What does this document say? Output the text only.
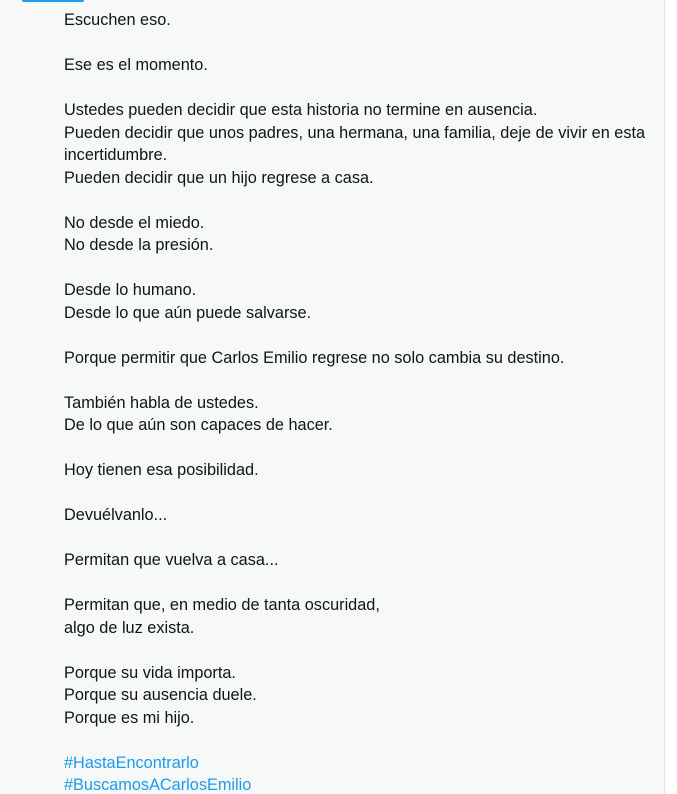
Escuchen eso.
Ese es el momento.
Ustedes pueden decidir que esta historia no termine en ausencia.
Pueden decidir que unos padres, una hermana, una familia, deje de vivir en esta incertidumbre.
Pueden decidir que un hijo regrese a casa.
No desde el miedo.
No desde la presión.
Desde lo humano.
Desde lo que aún puede salvarse.
Porque permitir que Carlos Emilio regrese no solo cambia su destino.
También habla de ustedes.
De lo que aún son capaces de hacer.
Hoy tienen esa posibilidad.
Devuélvanlo...
Permitan que vuelva a casa...
Permitan que, en medio de tanta oscuridad,
algo de luz exista.
Porque su vida importa.
Porque su ausencia duele.
Porque es mi hijo.
#HastaEncontrarlo
#BuscamosACarlosEmilio
